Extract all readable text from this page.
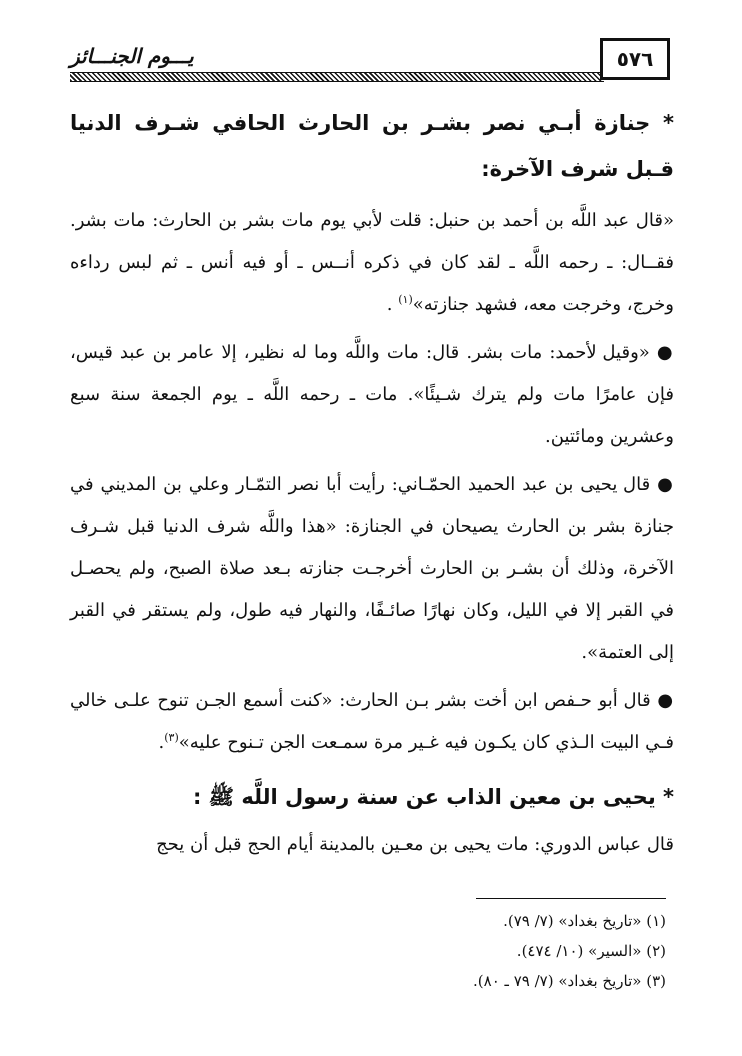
يـــوم الجنـــائز	٥٧٦
* جنازة أبـي نصر بشـر بن الحارث الحافي شـرف الدنيا قـبل شرف الآخرة:
«قال عبد اللَّه بن أحمد بن حنبل: قلت لأبي يوم مات بشر بن الحارث: مات بشر. فقــال: ـ رحمه اللَّه ـ لقد كان في ذكره أنــس ـ أو فيه أنس ـ ثم لبس رداءه وخرج، وخرجت معه، فشهد جنازته»$^{(١)}$ .
● «وقيل لأحمد: مات بشر. قال: مات واللَّه وما له نظير، إلا عامر بن عبد قيس، فإن عامرًا مات ولم يترك شـيئًا». مات ـ رحمه اللَّه ـ يوم الجمعة سنة سبع وعشرين ومائتين.
● قال يحيى بن عبد الحميد الحمّـاني: رأيت أبا نصر التمّـار وعلي بن المديني في جنازة بشر بن الحارث يصيحان في الجنازة: «هذا واللَّه شرف الدنيا قبل شـرف الآخرة، وذلك أن بشـر بن الحارث أخرجـت جنازته بـعد صلاة الصبح، ولم يحصـل في القبر إلا في الليل، وكان نهارًا صائـفًا، والنهار فيه طول، ولم يستقر في القبر إلى العتمة».
● قال أبو حـفص ابن أخت بشر بـن الحارث: «كنت أسمع الجـن تنوح علـى خالي فـي البيت الـذي كان يكـون فيه غـير مرة سمـعت الجن تـنوح عليه»$^{(٣)}$.
* يحيى بن معين الذاب عن سنة رسول اللَّه ﷺ :
قال عباس الدوري: مات يحيى بن معـين بالمدينة أيام الحج قبل أن يحج

(١) «تاريخ بغداد» (٧/ ٧٩).

(٢) «السير» (١٠/ ٤٧٤).

(٣) «تاريخ بغداد» (٧/ ٧٩ ـ ٨٠).
